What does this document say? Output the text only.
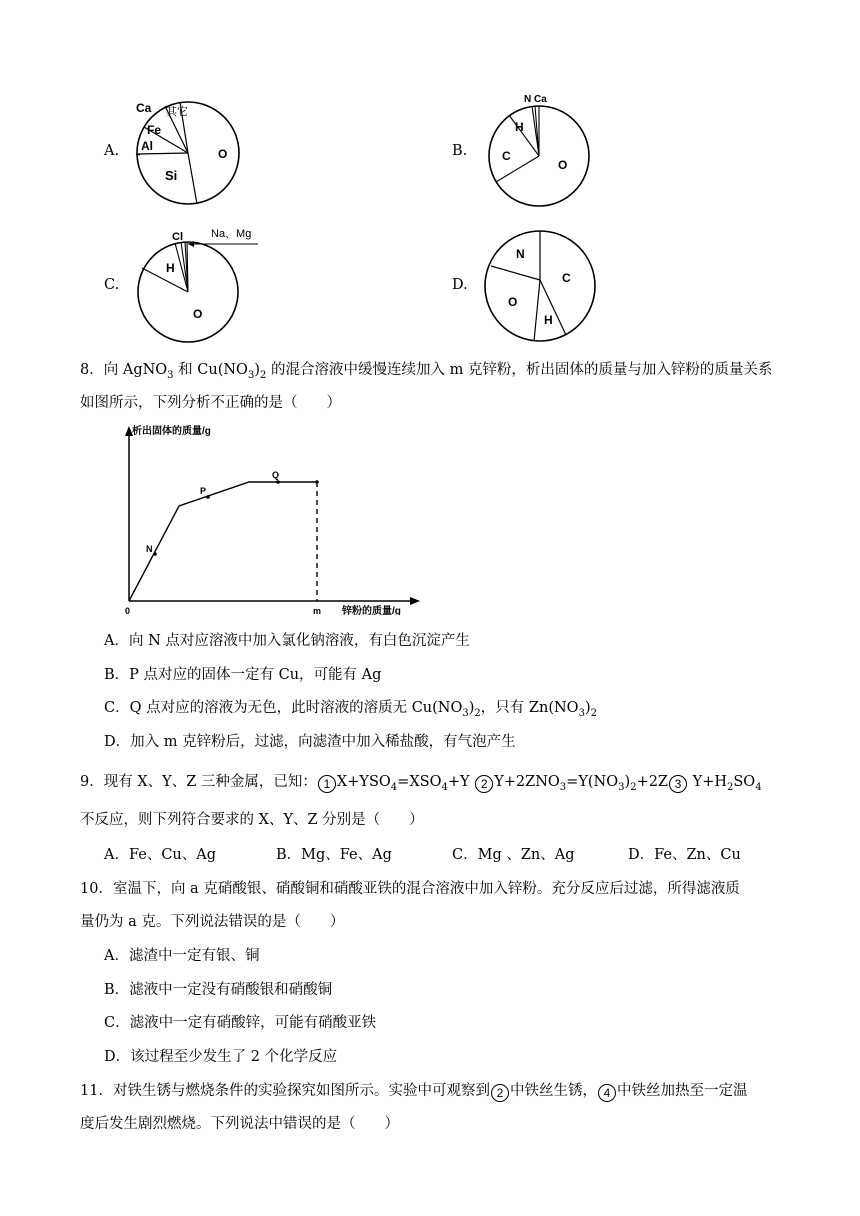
A.	B.
C.	D.
Ca 其它
Fe
Al
O
Si
N Ca
H
C
O
Na、Mg
Cl
H
O
N
C
O
H
8．向 AgNO$_3$ 和 $Cu(NO_3)_2$ 的混合溶液中缓慢连续加入 m 克锌粉，析出固体的质量与加入锌粉的质量关系
如图所示，下列分析不正确的是（　　）
析出固体的质量/g
锌粉的质量/g
0	m
N
P
Q
A．向 N 点对应溶液中加入氯化钠溶液，有白色沉淀产生
B．P 点对应的固体一定有 Cu，可能有 Ag
C．Q 点对应的溶液为无色，此时溶液的溶质无 $Cu(NO_3)_2$，只有 $Zn(NO_3)_2$
D．加入 m 克锌粉后，过滤，向滤渣中加入稀盐酸，有气泡产生
9．现有 X、Y、Z 三种金属，已知： 1 $X+YSO_4=XSO_4+Y$ 2 $Y+2ZNO_3=Y(NO_3)_2+2Z$ 3 $Y+H_2SO_4$
不反应，则下列符合要求的 X、Y、Z 分别是（　　）
A．Fe、Cu、Ag	B．Mg、Fe、Ag	C．Mg 、Zn、Ag	D．Fe、Zn、Cu
10．室温下，向 a 克硝酸银、硝酸铜和硝酸亚铁的混合溶液中加入锌粉。充分反应后过滤，所得滤液质
量仍为 a 克。下列说法错误的是（　　）
A．滤渣中一定有银、铜
B．滤液中一定没有硝酸银和硝酸铜
C．滤液中一定有硝酸锌，可能有硝酸亚铁
D．该过程至少发生了 2 个化学反应
11．对铁生锈与燃烧条件的实验探究如图所示。实验中可观察到 2 中铁丝生锈， 4 中铁丝加热至一定温
度后发生剧烈燃烧。下列说法中错误的是（　　）
